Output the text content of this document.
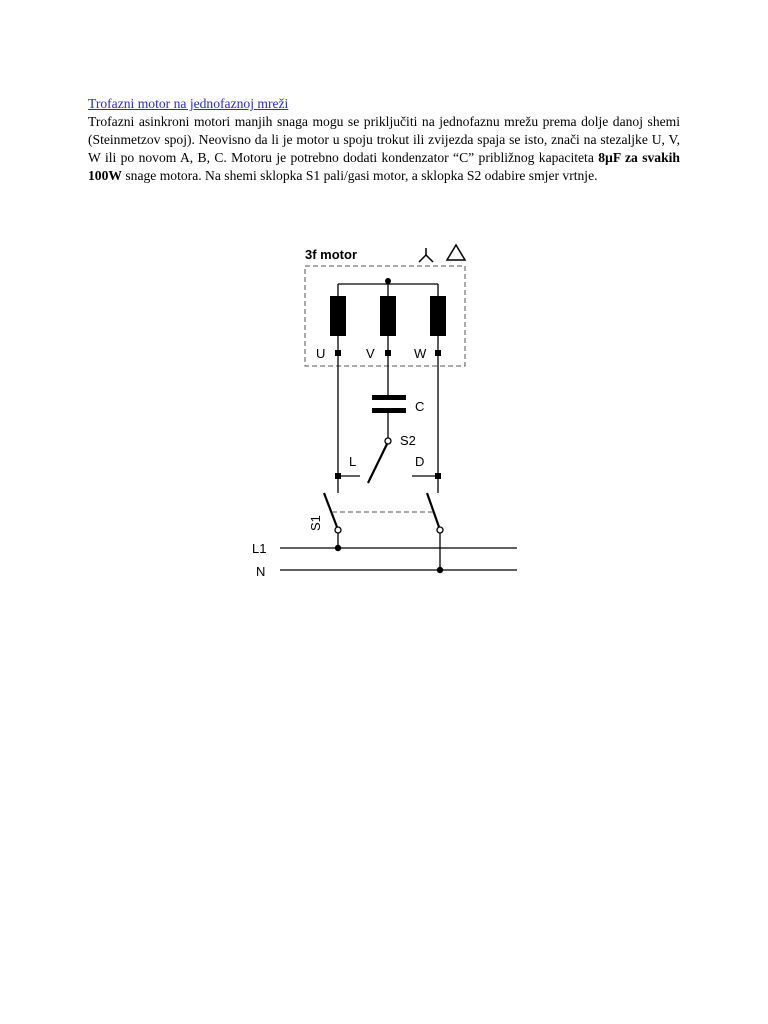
Trofazni motor na jednofaznoj mreži

Trofazni asinkroni motori manjih snaga mogu se priključiti na jednofaznu mrežu prema dolje danoj shemi (Steinmetzov spoj). Neovisno da li je motor u spoju trokut ili zvijezda spaja se isto, znači na stezaljke U, V, W ili po novom A, B, C. Motoru je potrebno dodati kondenzator “C” približnog kapaciteta 8µF za svakih 100W snage motora. Na shemi sklopka S1 pali/gasi motor, a sklopka S2 odabire smjer vrtnje.

3f motor
U	V	W
C
S2
L	D
S1
L1
N
